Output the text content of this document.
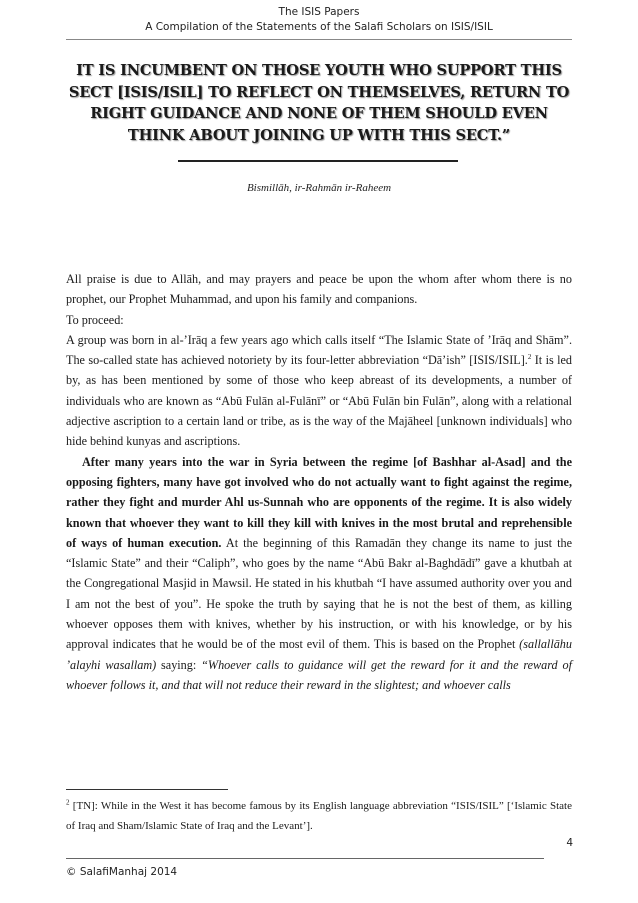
The ISIS Papers
A Compilation of the Statements of the Salafi Scholars on ISIS/ISIL
IT IS INCUMBENT ON THOSE YOUTH WHO SUPPORT THIS SECT [ISIS/ISIL] TO REFLECT ON THEMSELVES, RETURN TO RIGHT GUIDANCE AND NONE OF THEM SHOULD EVEN THINK ABOUT JOINING UP WITH THIS SECT.”
Bismillāh, ir-Rahmān ir-Raheem

All praise is due to Allāh, and may prayers and peace be upon the whom after whom there is no prophet, our Prophet Muhammad, and upon his family and companions.

To proceed:

A group was born in al-’Irāq a few years ago which calls itself “The Islamic State of ’Irāq and Shām”. The so-called state has achieved notoriety by its four-letter abbreviation “Dā’ish” [ISIS/ISIL].$^2$ It is led by, as has been mentioned by some of those who keep abreast of its developments, a number of individuals who are known as “Abū Fulān al-Fulānī” or “Abū Fulān bin Fulān”, along with a relational adjective ascription to a certain land or tribe, as is the way of the Majāheel [unknown individuals] who hide behind kunyas and ascriptions.

After many years into the war in Syria between the regime [of Bashhar al-Asad] and the opposing fighters, many have got involved who do not actually want to fight against the regime, rather they fight and murder Ahl us-Sunnah who are opponents of the regime. It is also widely known that whoever they want to kill they kill with knives in the most brutal and reprehensible of ways of human execution. At the beginning of this Ramadān they change its name to just the “Islamic State” and their “Caliph”, who goes by the name “Abū Bakr al-Baghdādī” gave a khutbah at the Congregational Masjid in Mawsil. He stated in his khutbah “I have assumed authority over you and I am not the best of you”. He spoke the truth by saying that he is not the best of them, as killing whoever opposes them with knives, whether by his instruction, or with his knowledge, or by his approval indicates that he would be of the most evil of them. This is based on the Prophet (sallallāhu ’alayhi wasallam) saying: “Whoever calls to guidance will get the reward for it and the reward of whoever follows it, and that will not reduce their reward in the slightest; and whoever calls

$^2$ [TN]: While in the West it has become famous by its English language abbreviation “ISIS/ISIL” [‘Islamic State of Iraq and Sham/Islamic State of Iraq and the Levant’].
4
© SalafiManhaj 2014
